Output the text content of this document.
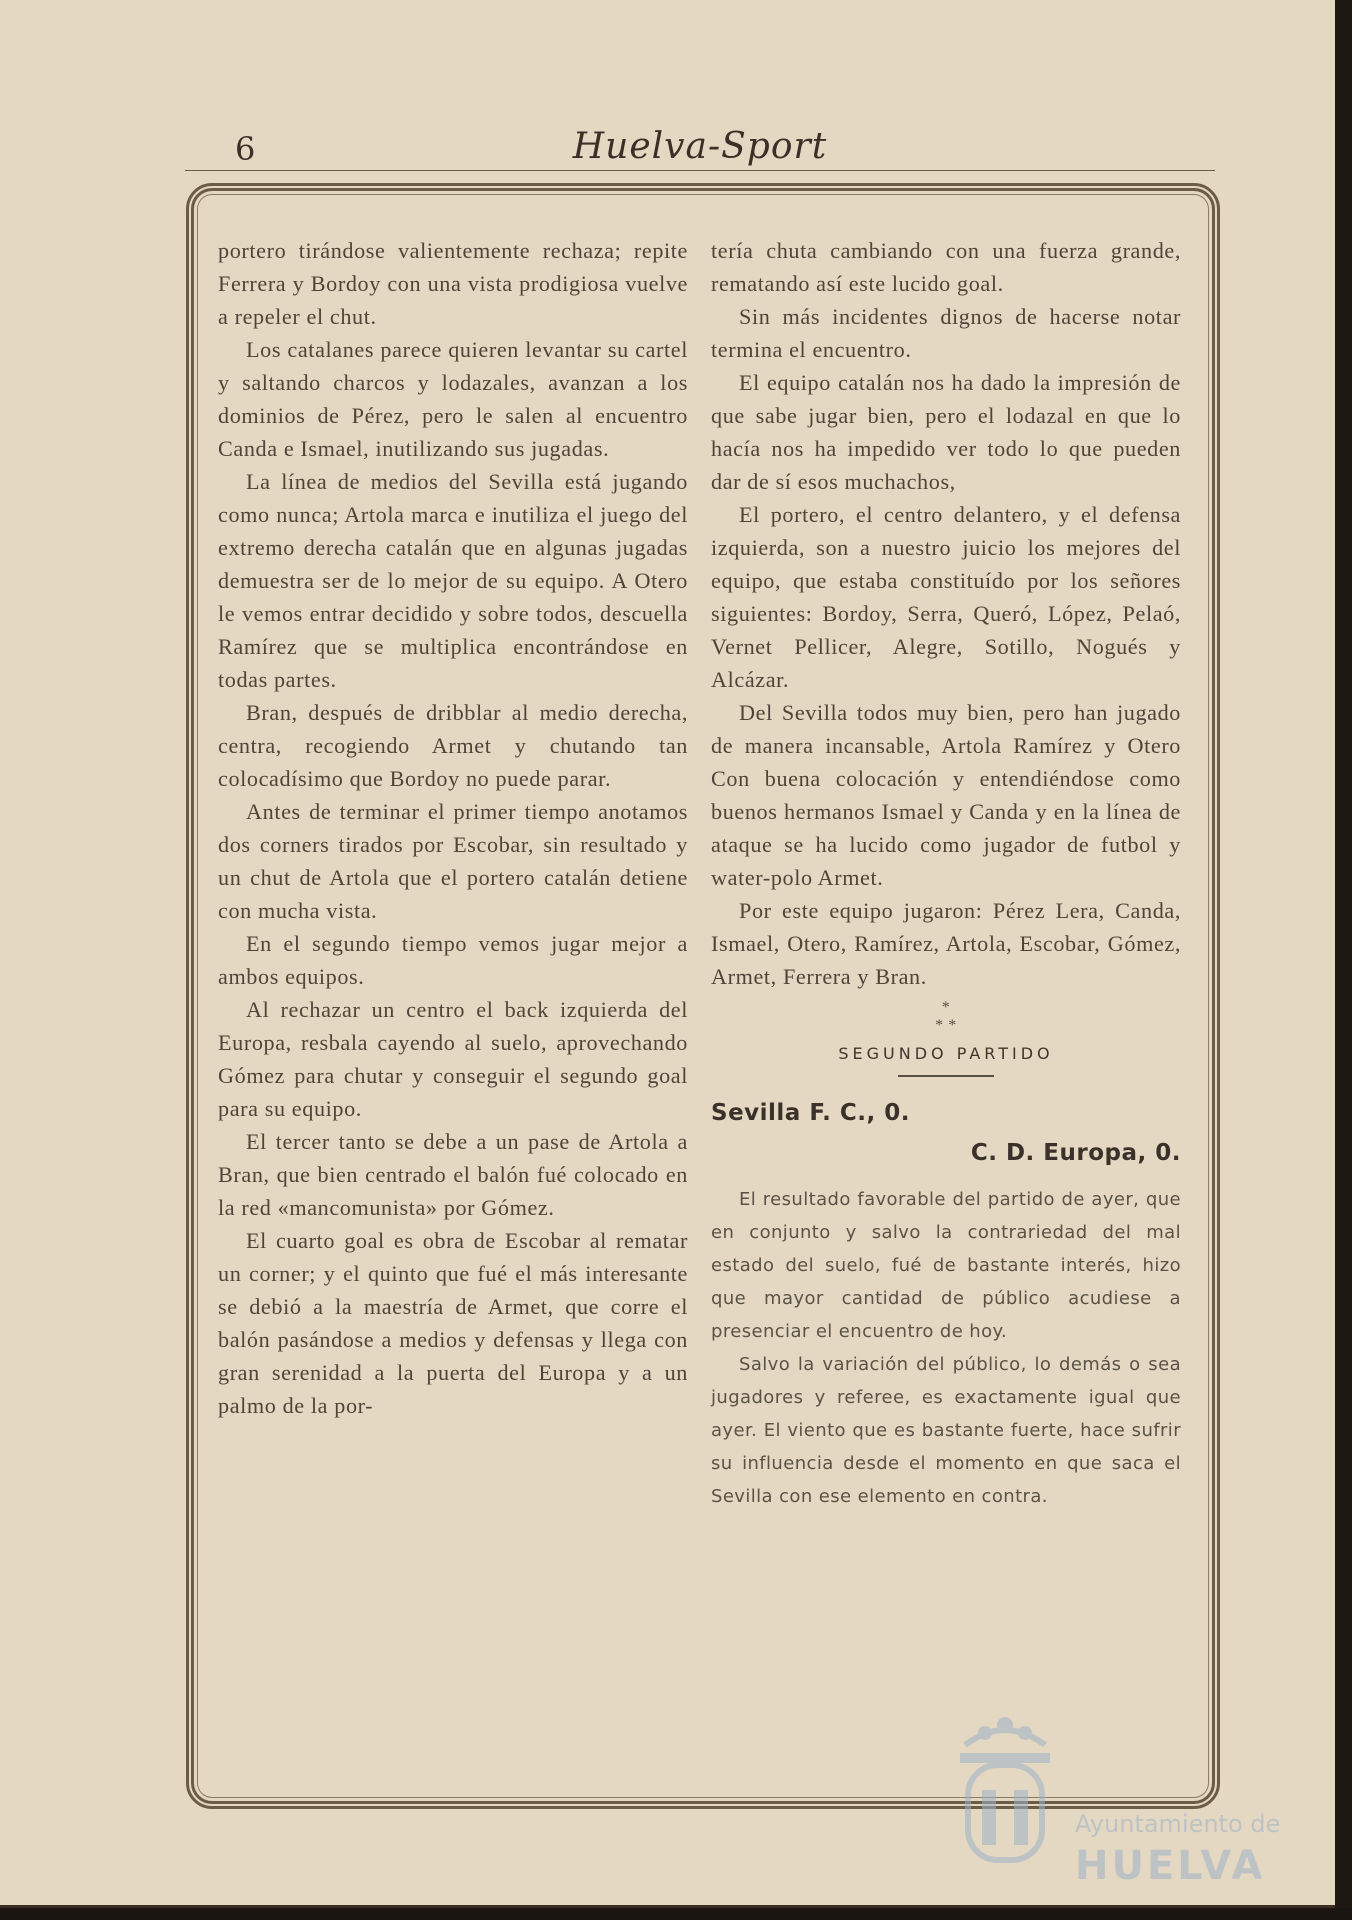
6	Huelva-Sport

portero tirándose valientemente rechaza; repite Ferrera y Bordoy con una vista prodigiosa vuelve a repeler el chut.

Los catalanes parece quieren levantar su cartel y saltando charcos y lodazales, avanzan a los dominios de Pérez, pero le salen al encuentro Canda e Ismael, inutilizando sus jugadas.

La línea de medios del Sevilla está jugando como nunca; Artola marca e inutiliza el juego del extremo derecha catalán que en algunas jugadas demuestra ser de lo mejor de su equipo. A Otero le vemos entrar decidido y sobre todos, descuella Ramírez que se multiplica encontrándose en todas partes.

Bran, después de dribblar al medio derecha, centra, recogiendo Armet y chutando tan colocadísimo que Bordoy no puede parar.

Antes de terminar el primer tiempo anotamos dos corners tirados por Escobar, sin resultado y un chut de Artola que el portero catalán detiene con mucha vista.

En el segundo tiempo vemos jugar mejor a ambos equipos.

Al rechazar un centro el back izquierda del Europa, resbala cayendo al suelo, aprovechando Gómez para chutar y conseguir el segundo goal para su equipo.

El tercer tanto se debe a un pase de Artola a Bran, que bien centrado el balón fué colocado en la red «mancomunista» por Gómez.

El cuarto goal es obra de Escobar al rematar un corner; y el quinto que fué el más interesante se debió a la maestría de Armet, que corre el balón pasándose a medios y defensas y llega con gran serenidad a la puerta del Europa y a un palmo de la por-

tería chuta cambiando con una fuerza grande, rematando así este lucido goal.

Sin más incidentes dignos de hacerse notar termina el encuentro.

El equipo catalán nos ha dado la impresión de que sabe jugar bien, pero el lodazal en que lo hacía nos ha impedido ver todo lo que pueden dar de sí esos muchachos,

El portero, el centro delantero, y el defensa izquierda, son a nuestro juicio los mejores del equipo, que estaba constituído por los señores siguientes: Bordoy, Serra, Queró, López, Pelaó, Vernet Pellicer, Alegre, Sotillo, Nogués y Alcázar.

Del Sevilla todos muy bien, pero han jugado de manera incansable, Artola Ramírez y Otero Con buena colocación y entendiéndose como buenos hermanos Ismael y Canda y en la línea de ataque se ha lucido como jugador de futbol y water-polo Armet.

Por este equipo jugaron: Pérez Lera, Canda, Ismael, Otero, Ramírez, Artola, Escobar, Gómez, Armet, Ferrera y Bran.

*
* *
SEGUNDO PARTIDO
Sevilla F. C., 0.
C. D. Europa, 0.
El resultado favorable del partido de ayer, que en conjunto y salvo la contrariedad del mal estado del suelo, fué de bastante interés, hizo que mayor cantidad de público acudiese a presenciar el encuentro de hoy.
Salvo la variación del público, lo demás o sea jugadores y referee, es exactamente igual que ayer. El viento que es bastante fuerte, hace sufrir su influencia desde el momento en que saca el Sevilla con ese elemento en contra.
Ayuntamiento de
HUELVA
